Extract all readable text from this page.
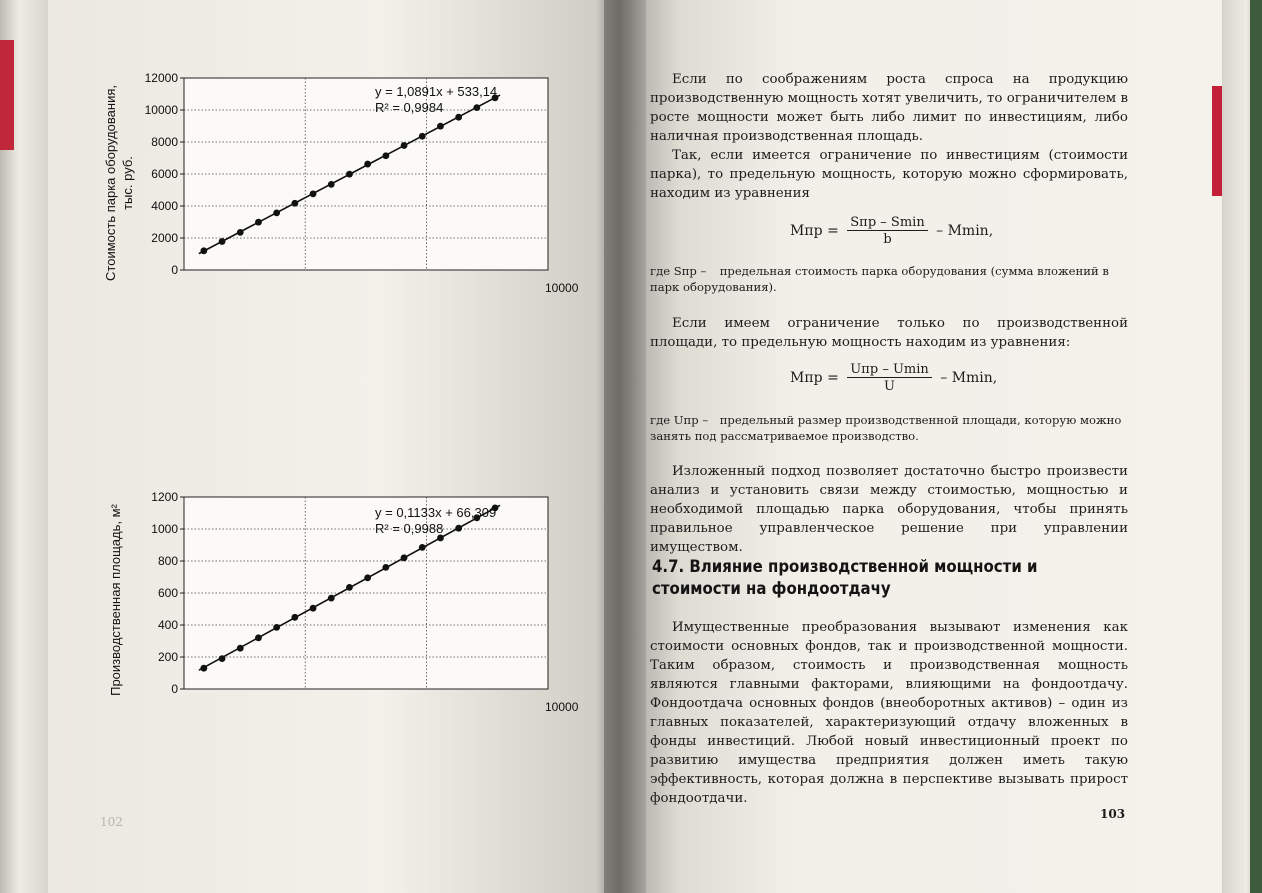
0
2000
4000
6000
8000
10000
12000
Стоимость парка оборудования, тыс. руб.
y = 1,0891x + 533,14
R² = 0,9984
10000
0
200
400
600
800
1000
1200
Производственная площадь, м²	y = 0,1133x + 66,309
R² = 0,9988
10000
102
Если по соображениям роста спроса на продукцию производственную мощность хотят увеличить, то ограничителем в росте мощности может быть либо лимит по инвестициям, либо наличная производственная площадь.
Так, если имеется ограничение по инвестициям (стоимости парка), то предельную мощность, которую можно сформировать, находим из уравнения
Мпр = $\frac{\text{Sпр – Smin}}{b}$ – Mmin,
где Sпр – предельная стоимость парка оборудования (сумма вложений в парк оборудования).
Если имеем ограничение только по производственной площади, то предельную мощность находим из уравнения:
Мпр = $\frac{\text{Uпр – Umin}}{U}$ – Mmin,
где Uпр – предельный размер производственной площади, которую можно занять под рассматриваемое производство.
Изложенный подход позволяет достаточно быстро произвести анализ и установить связи между стоимостью, мощностью и необходимой площадью парка оборудования, чтобы принять правильное управленческое решение при управлении имуществом.
4.7. Влияние производственной мощности и стоимости на фондоотдачу
Имущественные преобразования вызывают изменения как стоимости основных фондов, так и производственной мощности. Таким образом, стоимость и производственная мощность являются главными факторами, влияющими на фондоотдачу. Фондоотдача основных фондов (внеоборотных активов) – один из главных показателей, характеризующий отдачу вложенных в фонды инвестиций. Любой новый инвестиционный проект по развитию имущества предприятия должен иметь такую эффективность, которая должна в перспективе вызывать прирост фондоотдачи.
103
